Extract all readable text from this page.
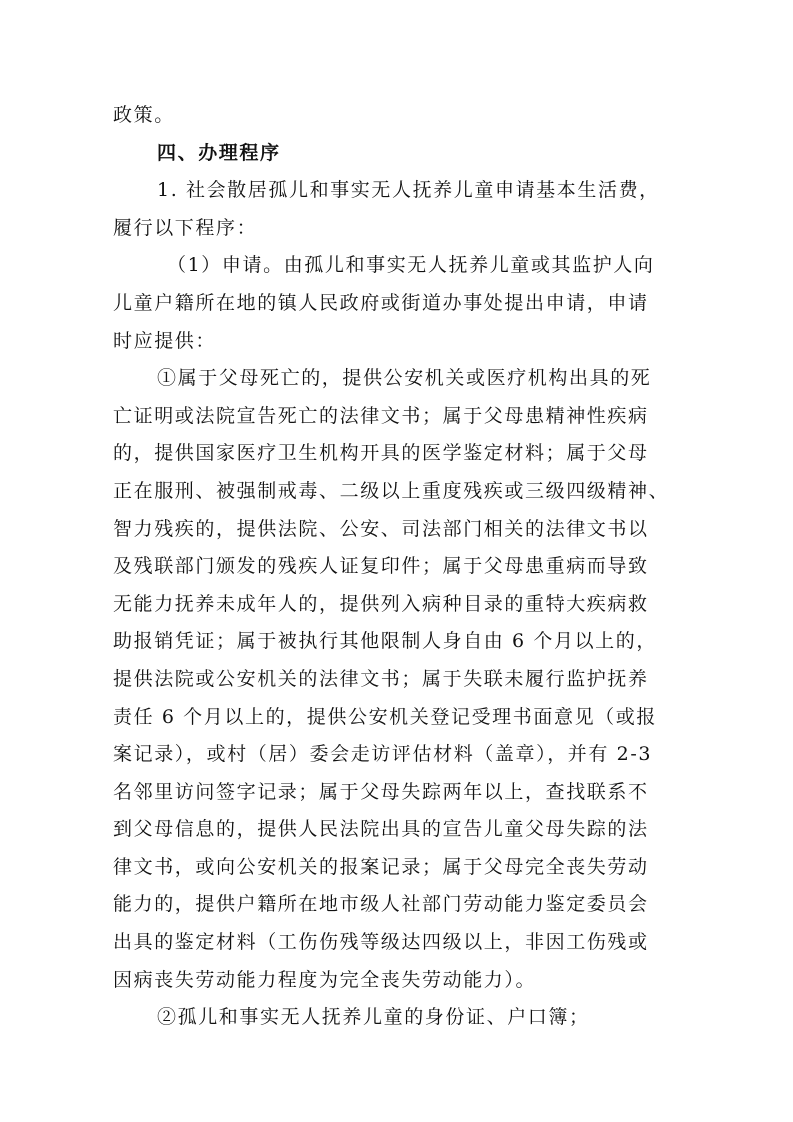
政策。
四、办理程序
1. 社会散居孤儿和事实无人抚养儿童申请基本生活费，
履行以下程序：
（1）申请。由孤儿和事实无人抚养儿童或其监护人向
儿童户籍所在地的镇人民政府或街道办事处提出申请，申请
时应提供：
①属于父母死亡的，提供公安机关或医疗机构出具的死
亡证明或法院宣告死亡的法律文书；属于父母患精神性疾病
的，提供国家医疗卫生机构开具的医学鉴定材料；属于父母
正在服刑、被强制戒毒、二级以上重度残疾或三级四级精神、
智力残疾的，提供法院、公安、司法部门相关的法律文书以
及残联部门颁发的残疾人证复印件；属于父母患重病而导致
无能力抚养未成年人的，提供列入病种目录的重特大疾病救
助报销凭证；属于被执行其他限制人身自由 6 个月以上的，
提供法院或公安机关的法律文书；属于失联未履行监护抚养
责任 6 个月以上的，提供公安机关登记受理书面意见（或报
案记录），或村（居）委会走访评估材料（盖章），并有 2-3
名邻里访问签字记录；属于父母失踪两年以上，查找联系不
到父母信息的，提供人民法院出具的宣告儿童父母失踪的法
律文书，或向公安机关的报案记录；属于父母完全丧失劳动
能力的，提供户籍所在地市级人社部门劳动能力鉴定委员会
出具的鉴定材料（工伤伤残等级达四级以上，非因工伤残或
因病丧失劳动能力程度为完全丧失劳动能力）。
②孤儿和事实无人抚养儿童的身份证、户口簿；
